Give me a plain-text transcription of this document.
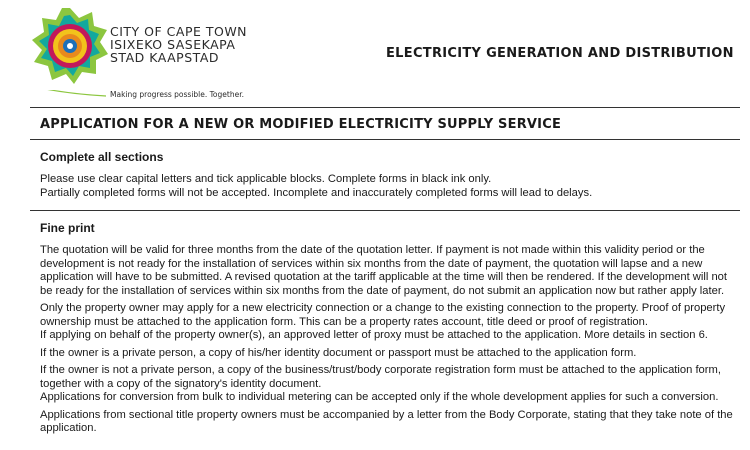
CITY OF CAPE TOWN
ISIXEKO SASEKAPA
STAD KAAPSTAD
Making progress possible. Together.
ELECTRICITY GENERATION AND DISTRIBUTION
APPLICATION FOR A NEW OR MODIFIED ELECTRICITY SUPPLY SERVICE
Complete all sections

Please use clear capital letters and tick applicable blocks. Complete forms in black ink only.

Partially completed forms will not be accepted. Incomplete and inaccurately completed forms will lead to delays.

Fine print

The quotation will be valid for three months from the date of the quotation letter. If payment is not made within this validity period or the development is not ready for the installation of services within six months from the date of payment, the quotation will lapse and a new application will have to be submitted. A revised quotation at the tariff applicable at the time will then be rendered. If the development will not be ready for the installation of services within six months from the date of payment, do not submit an application now but rather apply later.

Only the property owner may apply for a new electricity connection or a change to the existing connection to the property. Proof of property ownership must be attached to the application form. This can be a property rates account, title deed or proof of registration.

If applying on behalf of the property owner(s), an approved letter of proxy must be attached to the application. More details in section 6.

If the owner is a private person, a copy of his/her identity document or passport must be attached to the application form.

If the owner is not a private person, a copy of the business/trust/body corporate registration form must be attached to the application form, together with a copy of the signatory's identity document.

Applications for conversion from bulk to individual metering can be accepted only if the whole development applies for such a conversion.

Applications from sectional title property owners must be accompanied by a letter from the Body Corporate, stating that they take note of the application.
